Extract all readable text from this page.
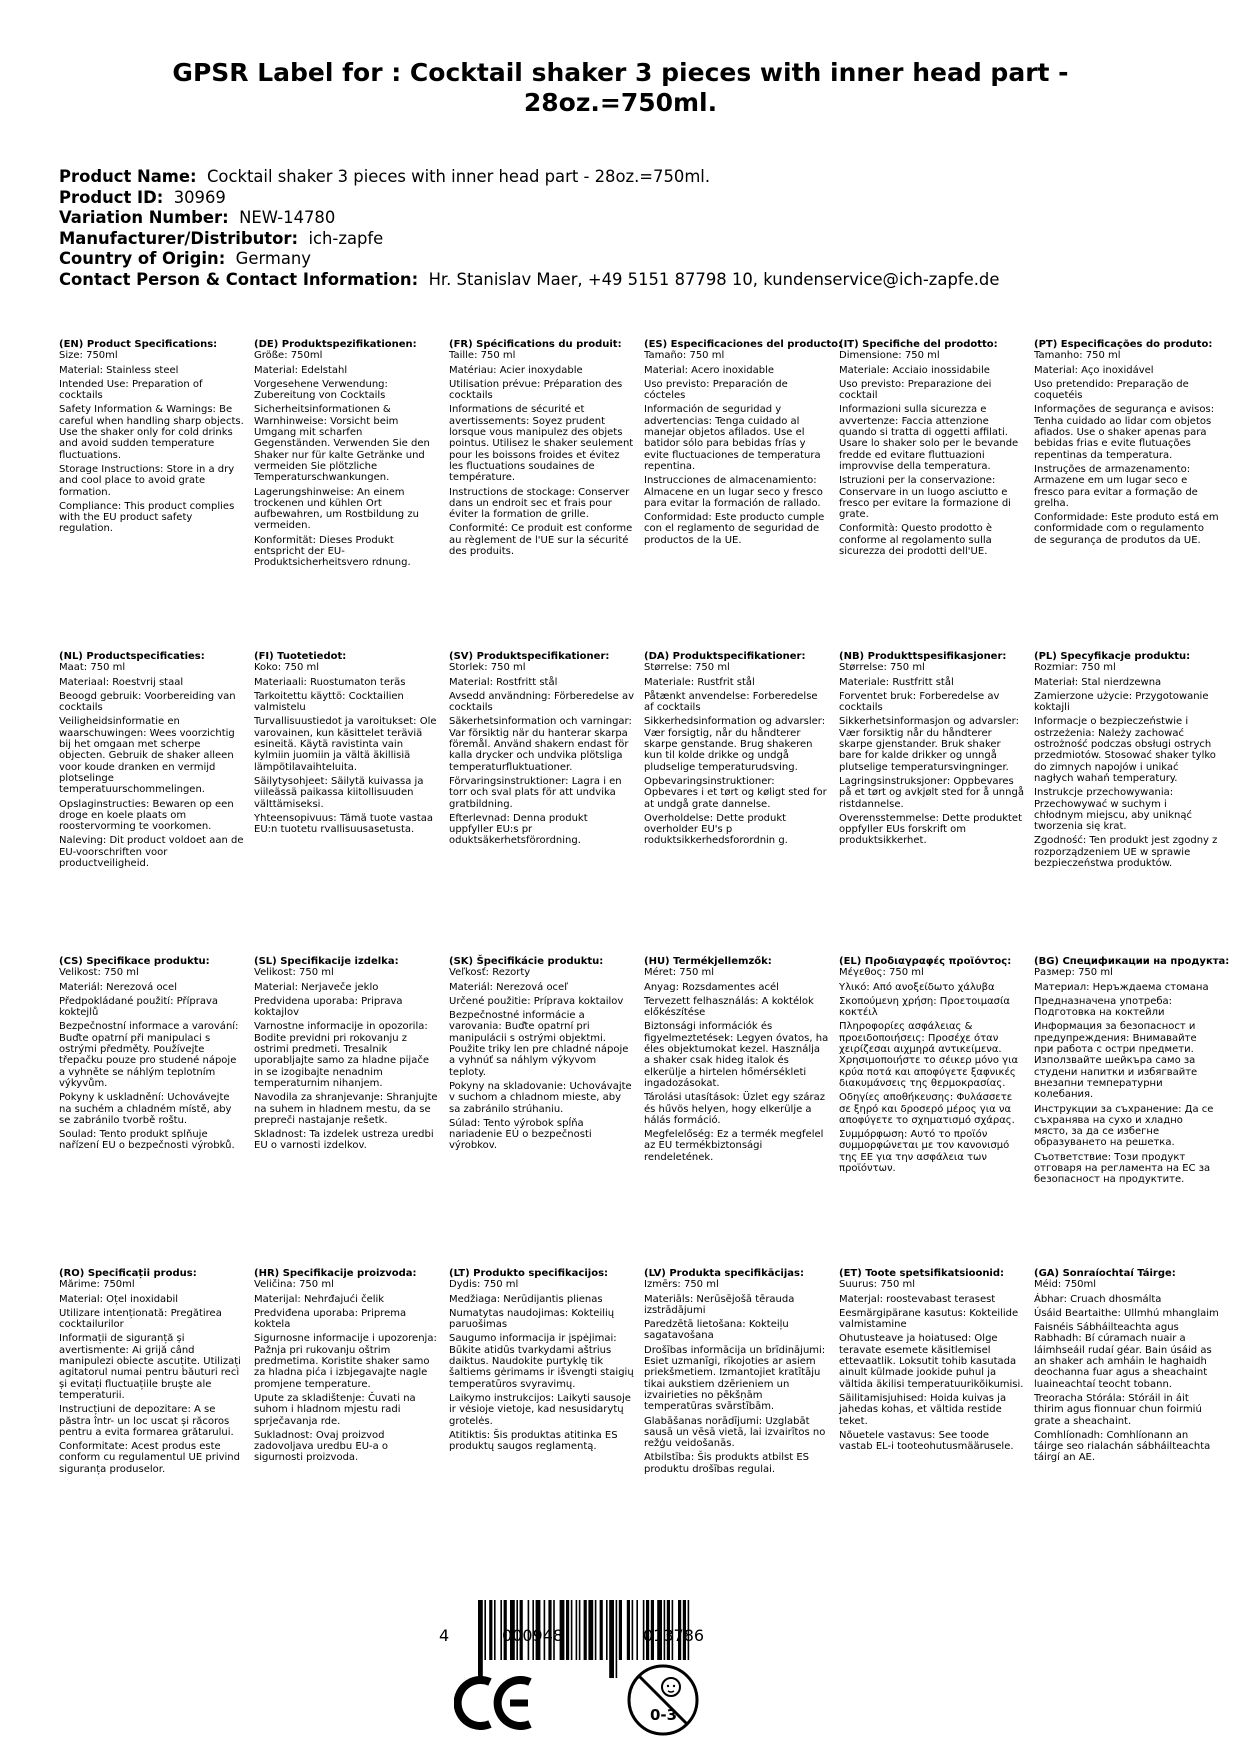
GPSR Label for : Cocktail shaker 3 pieces with inner head part - 28oz.=750ml.
Product Name: Cocktail shaker 3 pieces with inner head part - 28oz.=750ml.
Product ID: 30969
Variation Number: NEW-14780
Manufacturer/Distributor: ich-zapfe
Country of Origin: Germany
Contact Person & Contact Information: Hr. Stanislav Maer, +49 5151 87798 10, kundenservice@ich-zapfe.de
(EN) Product Specifications:
Size: 750ml
Material: Stainless steel
Intended Use: Preparation of cocktails
Safety Information & Warnings: Be careful when handling sharp objects. Use the shaker only for cold drinks and avoid sudden temperature fluctuations.
Storage Instructions: Store in a dry and cool place to avoid grate formation.
Compliance: This product complies with the EU product safety regulation.
(DE) Produktspezifikationen:
Größe: 750ml
Material: Edelstahl
Vorgesehene Verwendung: Zubereitung von Cocktails
Sicherheitsinformationen & Warnhinweise: Vorsicht beim Umgang mit scharfen Gegenständen. Verwenden Sie den Shaker nur für kalte Getränke und vermeiden Sie plötzliche Temperaturschwankungen.
Lagerungshinweise: An einem trockenen und kühlen Ort aufbewahren, um Rostbildung zu vermeiden.
Konformität: Dieses Produkt entspricht der EU-Produktsicherheitsvero rdnung.
(FR) Spécifications du produit:
Taille: 750 ml
Matériau: Acier inoxydable
Utilisation prévue: Préparation des cocktails
Informations de sécurité et avertissements: Soyez prudent lorsque vous manipulez des objets pointus. Utilisez le shaker seulement pour les boissons froides et évitez les fluctuations soudaines de température.
Instructions de stockage: Conserver dans un endroit sec et frais pour éviter la formation de grille.
Conformité: Ce produit est conforme au règlement de l'UE sur la sécurité des produits.
(ES) Especificaciones del producto:
Tamaño: 750 ml
Material: Acero inoxidable
Uso previsto: Preparación de cócteles
Información de seguridad y advertencias: Tenga cuidado al manejar objetos afilados. Use el batidor sólo para bebidas frías y evite fluctuaciones de temperatura repentina.
Instrucciones de almacenamiento: Almacene en un lugar seco y fresco para evitar la formación de rallado.
Conformidad: Este producto cumple con el reglamento de seguridad de productos de la UE.
(IT) Specifiche del prodotto:
Dimensione: 750 ml
Materiale: Acciaio inossidabile
Uso previsto: Preparazione dei cocktail
Informazioni sulla sicurezza e avvertenze: Faccia attenzione quando si tratta di oggetti affilati. Usare lo shaker solo per le bevande fredde ed evitare fluttuazioni improvvise della temperatura.
Istruzioni per la conservazione: Conservare in un luogo asciutto e fresco per evitare la formazione di grate.
Conformità: Questo prodotto è conforme al regolamento sulla sicurezza dei prodotti dell'UE.
(PT) Especificações do produto:
Tamanho: 750 ml
Material: Aço inoxidável
Uso pretendido: Preparação de coquetéis
Informações de segurança e avisos: Tenha cuidado ao lidar com objetos afiados. Use o shaker apenas para bebidas frias e evite flutuações repentinas da temperatura.
Instruções de armazenamento: Armazene em um lugar seco e fresco para evitar a formação de grelha.
Conformidade: Este produto está em conformidade com o regulamento de segurança de produtos da UE.
(NL) Productspecificaties:
Maat: 750 ml
Materiaal: Roestvrij staal
Beoogd gebruik: Voorbereiding van cocktails
Veiligheidsinformatie en waarschuwingen: Wees voorzichtig bij het omgaan met scherpe objecten. Gebruik de shaker alleen voor koude dranken en vermijd plotselinge temperatuurschommelingen.
Opslaginstructies: Bewaren op een droge en koele plaats om roostervorming te voorkomen.
Naleving: Dit product voldoet aan de EU-voorschriften voor productveiligheid.
(FI) Tuotetiedot:
Koko: 750 ml
Materiaali: Ruostumaton teräs
Tarkoitettu käyttö: Cocktailien valmistelu
Turvallisuustiedot ja varoitukset: Ole varovainen, kun käsittelet teräviä esineitä. Käytä ravistinta vain kylmiin juomiin ja vältä äkillisiä lämpötilavaihteluita.
Säilytysohjeet: Säilytä kuivassa ja viileässä paikassa kiitollisuuden välttämiseksi.
Yhteensopivuus: Tämä tuote vastaa EU:n tuotetu rvallisuusasetusta.
(SV) Produktspecifikationer:
Storlek: 750 ml
Material: Rostfritt stål
Avsedd användning: Förberedelse av cocktails
Säkerhetsinformation och varningar: Var försiktig när du hanterar skarpa föremål. Använd shakern endast för kalla drycker och undvika plötsliga temperaturfluktuationer.
Förvaringsinstruktioner: Lagra i en torr och sval plats för att undvika gratbildning.
Efterlevnad: Denna produkt uppfyller EU:s pr oduktsäkerhetsförordning.
(DA) Produktspecifikationer:
Størrelse: 750 ml
Materiale: Rustfrit stål
Påtænkt anvendelse: Forberedelse af cocktails
Sikkerhedsinformation og advarsler: Vær forsigtig, når du håndterer skarpe genstande. Brug shakeren kun til kolde drikke og undgå pludselige temperaturudsving.
Opbevaringsinstruktioner: Opbevares i et tørt og køligt sted for at undgå grate dannelse.
Overholdelse: Dette produkt overholder EU's p roduktsikkerhedsforordnin g.
(NB) Produkttspesifikasjoner:
Størrelse: 750 ml
Materiale: Rustfritt stål
Forventet bruk: Forberedelse av cocktails
Sikkerhetsinformasjon og advarsler: Vær forsiktig når du håndterer skarpe gjenstander. Bruk shaker bare for kalde drikker og unngå plutselige temperatursvingninger.
Lagringsinstruksjoner: Oppbevares på et tørt og avkjølt sted for å unngå ristdannelse.
Overensstemmelse: Dette produktet oppfyller EUs forskrift om produktsikkerhet.
(PL) Specyfikacje produktu:
Rozmiar: 750 ml
Materiał: Stal nierdzewna
Zamierzone użycie: Przygotowanie koktajli
Informacje o bezpieczeństwie i ostrzeżenia: Należy zachować ostrożność podczas obsługi ostrych przedmiotów. Stosować shaker tylko do zimnych napojów i unikać nagłych wahań temperatury.
Instrukcje przechowywania: Przechowywać w suchym i chłodnym miejscu, aby uniknąć tworzenia się krat.
Zgodność: Ten produkt jest zgodny z rozporządzeniem UE w sprawie bezpieczeństwa produktów.
(CS) Specifikace produktu:
Velikost: 750 ml
Materiál: Nerezová ocel
Předpokládané použití: Příprava koktejlů
Bezpečnostní informace a varování: Buďte opatrní při manipulaci s ostrými předměty. Používejte třepačku pouze pro studené nápoje a vyhněte se náhlým teplotním výkyvům.
Pokyny k uskladnění: Uchovávejte na suchém a chladném místě, aby se zabránilo tvorbě roštu.
Soulad: Tento produkt splňuje nařízení EU o bezpečnosti výrobků.
(SL) Specifikacije izdelka:
Velikost: 750 ml
Material: Nerjaveče jeklo
Predvidena uporaba: Priprava koktajlov
Varnostne informacije in opozorila: Bodite previdni pri rokovanju z ostrimi predmeti. Tresalnik uporabljajte samo za hladne pijače in se izogibajte nenadnim temperaturnim nihanjem.
Navodila za shranjevanje: Shranjujte na suhem in hladnem mestu, da se prepreči nastajanje rešetk.
Skladnost: Ta izdelek ustreza uredbi EU o varnosti izdelkov.
(SK) Špecifikácie produktu:
Veľkosť: Rezorty
Materiál: Nerezová oceľ
Určené použitie: Príprava koktailov
Bezpečnostné informácie a varovania: Buďte opatrní pri manipulácii s ostrými objektmi. Použite triky len pre chladné nápoje a vyhnúť sa náhlym výkyvom teploty.
Pokyny na skladovanie: Uchovávajte v suchom a chladnom mieste, aby sa zabránilo strúhaniu.
Súlad: Tento výrobok spĺňa nariadenie EÚ o bezpečnosti výrobkov.
(HU) Termékjellemzők:
Méret: 750 ml
Anyag: Rozsdamentes acél
Tervezett felhasználás: A koktélok előkészítése
Biztonsági információk és figyelmeztetések: Legyen óvatos, ha éles objektumokat kezel. Használja a shaker csak hideg italok és elkerülje a hirtelen hőmérsékleti ingadozásokat.
Tárolási utasítások: Üzlet egy száraz és hűvös helyen, hogy elkerülje a hálás formáció.
Megfelelőség: Ez a termék megfelel az EU termékbiztonsági rendeletének.
(EL) Προδιαγραφές προϊόντος:
Μέγεθος: 750 ml
Υλικό: Από ανοξείδωτο χάλυβα
Σκοπούμενη χρήση: Προετοιμασία κοκτέιλ
Πληροφορίες ασφάλειας & προειδοποιήσεις: Προσέχε όταν χειρίζεσαι αιχμηρά αντικείμενα. Χρησιμοποιήστε το σέικερ μόνο για κρύα ποτά και αποφύγετε ξαφνικές διακυμάνσεις της θερμοκρασίας.
Οδηγίες αποθήκευσης: Φυλάσσετε σε ξηρό και δροσερό μέρος για να αποφύγετε το σχηματισμό σχάρας.
Συμμόρφωση: Αυτό το προϊόν συμμορφώνεται με τον κανονισμό της ΕΕ για την ασφάλεια των προϊόντων.
(BG) Спецификации на продукта:
Размер: 750 ml
Материал: Неръждаема стомана
Предназначена употреба: Подготовка на коктейли
Информация за безопасност и предупреждения: Внимавайте при работа с остри предмети. Използвайте шейкъра само за студени напитки и избягвайте внезапни температурни колебания.
Инструкции за съхранение: Да се съхранява на сухо и хладно място, за да се избегне образуването на решетка.
Съответствие: Този продукт отговаря на регламента на ЕС за безопасност на продуктите.
(RO) Specificații produs:
Mărime: 750ml
Material: Oțel inoxidabil
Utilizare intenționată: Pregătirea cocktailurilor
Informații de siguranță și avertismente: Ai grijă când manipulezi obiecte ascuțite. Utilizați agitatorul numai pentru băuturi reci și evitați fluctuațiile bruște ale temperaturii.
Instrucțiuni de depozitare: A se păstra într- un loc uscat și răcoros pentru a evita formarea grătarului.
Conformitate: Acest produs este conform cu regulamentul UE privind siguranța produselor.
(HR) Specifikacije proizvoda:
Veličina: 750 ml
Materijal: Nehrđajući čelik
Predviđena uporaba: Priprema koktela
Sigurnosne informacije i upozorenja: Pažnja pri rukovanju oštrim predmetima. Koristite shaker samo za hladna pića i izbjegavajte nagle promjene temperature.
Upute za skladištenje: Čuvati na suhom i hladnom mjestu radi sprječavanja rde.
Sukladnost: Ovaj proizvod zadovoljava uredbu EU-a o sigurnosti proizvoda.
(LT) Produkto specifikacijos:
Dydis: 750 ml
Medžiaga: Nerūdijantis plienas
Numatytas naudojimas: Kokteilių paruošimas
Saugumo informacija ir įspėjimai: Būkite atidūs tvarkydami aštrius daiktus. Naudokite purtyklę tik šaltiems gėrimams ir išvengti staigių temperatūros svyravimų.
Laikymo instrukcijos: Laikyti sausoje ir vėsioje vietoje, kad nesusidarytų grotelės.
Atitiktis: Šis produktas atitinka ES produktų saugos reglamentą.
(LV) Produkta specifikācijas:
Izmērs: 750 ml
Materiāls: Nerūsējošā tērauda izstrādājumi
Paredzētā lietošana: Kokteiļu sagatavošana
Drošības informācija un brīdinājumi: Esiet uzmanīgi, rīkojoties ar asiem priekšmetiem. Izmantojiet kratītāju tikai aukstiem dzērieniem un izvairieties no pēkšņām temperatūras svārstībām.
Glabāšanas norādījumi: Uzglabāt sausā un vēsā vietā, lai izvairītos no režģu veidošanās.
Atbilstība: Šis produkts atbilst ES produktu drošības regulai.
(ET) Toote spetsifikatsioonid:
Suurus: 750 ml
Materjal: roostevabast terasest
Eesmärgipärane kasutus: Kokteilide valmistamine
Ohutusteave ja hoiatused: Olge teravate esemete käsitlemisel ettevaatlik. Loksutit tohib kasutada ainult külmade jookide puhul ja vältida äkilisi temperatuurikõikumisi.
Säilitamisjuhised: Hoida kuivas ja jahedas kohas, et vältida restide teket.
Nõuetele vastavus: See toode vastab EL-i tooteohutusmäärusele.
(GA) Sonraíochtaí Táirge:
Méid: 750ml
Ábhar: Cruach dhosmálta
Úsáid Beartaithe: Ullmhú mhanglaim
Faisnéis Sábháilteachta agus Rabhadh: Bí cúramach nuair a láimhseáil rudaí géar. Bain úsáid as an shaker ach amháin le haghaidh deochanna fuar agus a sheachaint luaineachtaí teocht tobann.
Treoracha Stórála: Stóráil in áit thirim agus fionnuar chun foirmiú grate a sheachaint.
Comhlíonadh: Comhlíonann an táirge seo rialachán sábháilteachta táirgí an AE.
4	000948	013786
0-3
